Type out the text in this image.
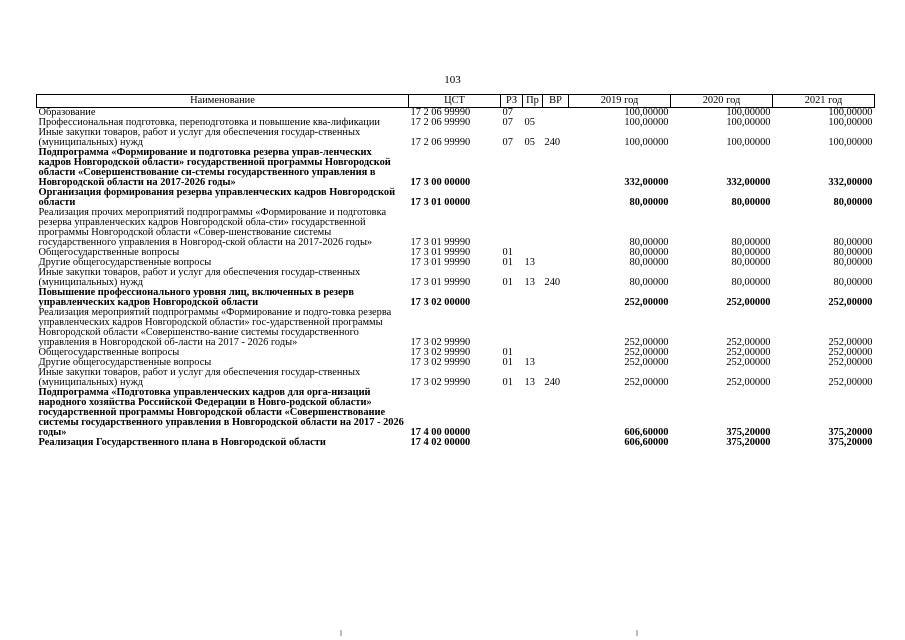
103
Наименование	ЦСТ	РЗ	Пр	ВР	2019 год	2020 год	2021 год
Образование	17 2 06 99990	07			100,00000	100,00000	100,00000
Профессиональная подготовка, переподготовка и повышение ква-лификации	17 2 06 99990	07	05		100,00000	100,00000	100,00000
Иные закупки товаров, работ и услуг для обеспечения государ-ственных (муниципальных) нужд	17 2 06 99990	07	05	240	100,00000	100,00000	100,00000
Подпрограмма «Формирование и подготовка резерва управ-ленческих кадров Новгородской области» государственной программы Новгородской области «Совершенствование си-стемы государственного управления в Новгородской области на 2017-2026 годы»	17 3 00 00000				332,00000	332,00000	332,00000
Организация формирования резерва управленческих кадров Новгородской области	17 3 01 00000				80,00000	80,00000	80,00000
Реализация прочих мероприятий подпрограммы «Формирование и подготовка резерва управленческих кадров Новгородской обла-сти» государственной программы Новгородской области «Совер-шенствование системы государственного управления в Новгород-ской области на 2017-2026 годы»	17 3 01 99990				80,00000	80,00000	80,00000
Общегосударственные вопросы	17 3 01 99990	01			80,00000	80,00000	80,00000
Другие общегосударственные вопросы	17 3 01 99990	01	13		80,00000	80,00000	80,00000
Иные закупки товаров, работ и услуг для обеспечения государ-ственных (муниципальных) нужд	17 3 01 99990	01	13	240	80,00000	80,00000	80,00000
Повышение профессионального уровня лиц, включенных в резерв управленческих кадров Новгородской области	17 3 02 00000				252,00000	252,00000	252,00000
Реализация мероприятий подпрограммы «Формирование и подго-товка резерва управленческих кадров Новгородской области» гос-ударственной программы Новгородской области «Совершенство-вание системы государственного управления в Новгородской об-ласти на 2017 - 2026 годы»	17 3 02 99990				252,00000	252,00000	252,00000
Общегосударственные вопросы	17 3 02 99990	01			252,00000	252,00000	252,00000
Другие общегосударственные вопросы	17 3 02 99990	01	13		252,00000	252,00000	252,00000
Иные закупки товаров, работ и услуг для обеспечения государ-ственных (муниципальных) нужд	17 3 02 99990	01	13	240	252,00000	252,00000	252,00000
Подпрограмма «Подготовка управленческих кадров для орга-низаций народного хозяйства Российской Федерации в Новго-родской области» государственной программы Новгородской области «Совершенствование системы государственного управления в Новгородской области на 2017 - 2026 годы»	17 4 00 00000				606,60000	375,20000	375,20000
Реализация Государственного плана в Новгородской области	17 4 02 00000				606,60000	375,20000	375,20000
